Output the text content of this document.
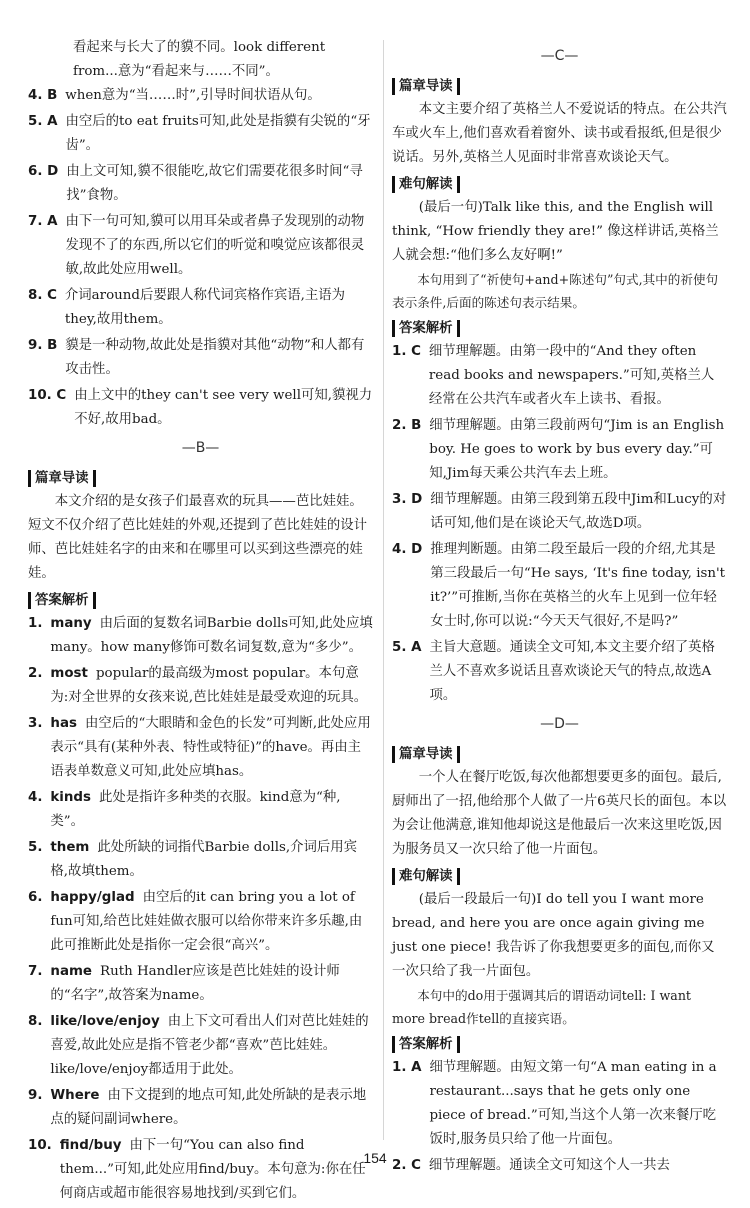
看起来与长大了的貘不同。look different

from...意为“看起来与……不同”。

4. B when意为“当……时”,引导时间状语从句。
5. A 由空后的to eat fruits可知,此处是指貘有尖锐的“牙齿”。
6. D 由上文可知,貘不很能吃,故它们需要花很多时间“寻找”食物。
7. A 由下一句可知,貘可以用耳朵或者鼻子发现别的动物发现不了的东西,所以它们的听觉和嗅觉应该都很灵敏,故此处应用well。
8. C 介词around后要跟人称代词宾格作宾语,主语为they,故用them。
9. B 貘是一种动物,故此处是指貘对其他“动物”和人都有攻击性。
10. C 由上文中的they can't see very well可知,貘视力不好,故用bad。
—B—
篇章导读

本文介绍的是女孩子们最喜欢的玩具——芭比娃娃。短文不仅介绍了芭比娃娃的外观,还提到了芭比娃娃的设计师、芭比娃娃名字的由来和在哪里可以买到这些漂亮的娃娃。

答案解析
1. many 由后面的复数名词Barbie dolls可知,此处应填many。how many修饰可数名词复数,意为“多少”。
2. most popular的最高级为most popular。本句意为:对全世界的女孩来说,芭比娃娃是最受欢迎的玩具。
3. has 由空后的“大眼睛和金色的长发”可判断,此处应用表示“具有(某种外表、特性或特征)”的have。再由主语表单数意义可知,此处应填has。
4. kinds 此处是指许多种类的衣服。kind意为“种,类”。
5. them 此处所缺的词指代Barbie dolls,介词后用宾格,故填them。
6. happy/glad 由空后的it can bring you a lot of fun可知,给芭比娃娃做衣服可以给你带来许多乐趣,由此可推断此处是指你一定会很“高兴”。
7. name Ruth Handler应该是芭比娃娃的设计师的“名字”,故答案为name。
8. like/love/enjoy 由上下文可看出人们对芭比娃娃的喜爱,故此处应是指不管老少都“喜欢”芭比娃娃。like/love/enjoy都适用于此处。
9. Where 由下文提到的地点可知,此处所缺的是表示地点的疑问副词where。
10. find/buy 由下一句“You can also find them...”可知,此处应用find/buy。本句意为:你在任何商店或超市能很容易地找到/买到它们。
—C—
篇章导读

本文主要介绍了英格兰人不爱说话的特点。在公共汽车或火车上,他们喜欢看着窗外、读书或看报纸,但是很少说话。另外,英格兰人见面时非常喜欢谈论天气。

难句解读

(最后一句)Talk like this, and the English will think, “How friendly they are!” 像这样讲话,英格兰人就会想:“他们多么友好啊!”

本句用到了“祈使句+and+陈述句”句式,其中的祈使句表示条件,后面的陈述句表示结果。

答案解析
1. C 细节理解题。由第一段中的“And they often read books and newspapers.”可知,英格兰人经常在公共汽车或者火车上读书、看报。
2. B 细节理解题。由第三段前两句“Jim is an English boy. He goes to work by bus every day.”可知,Jim每天乘公共汽车去上班。
3. D 细节理解题。由第三段到第五段中Jim和Lucy的对话可知,他们是在谈论天气,故选D项。
4. D 推理判断题。由第二段至最后一段的介绍,尤其是第三段最后一句“He says, ‘It's fine today, isn't it?’”可推断,当你在英格兰的火车上见到一位年轻女士时,你可以说:“今天天气很好,不是吗?”
5. A 主旨大意题。通读全文可知,本文主要介绍了英格兰人不喜欢多说话且喜欢谈论天气的特点,故选A项。
—D—
篇章导读

一个人在餐厅吃饭,每次他都想要更多的面包。最后,厨师出了一招,他给那个人做了一片6英尺长的面包。本以为会让他满意,谁知他却说这是他最后一次来这里吃饭,因为服务员又一次只给了他一片面包。

难句解读

(最后一段最后一句)I do tell you I want more bread, and here you are once again giving me just one piece! 我告诉了你我想要更多的面包,而你又一次只给了我一片面包。

本句中的do用于强调其后的谓语动词tell: I want more bread作tell的直接宾语。

答案解析
1. A 细节理解题。由短文第一句“A man eating in a restaurant...says that he gets only one piece of bread.”可知,当这个人第一次来餐厅吃饭时,服务员只给了他一片面包。
2. C 细节理解题。通读全文可知这个人一共去
154
